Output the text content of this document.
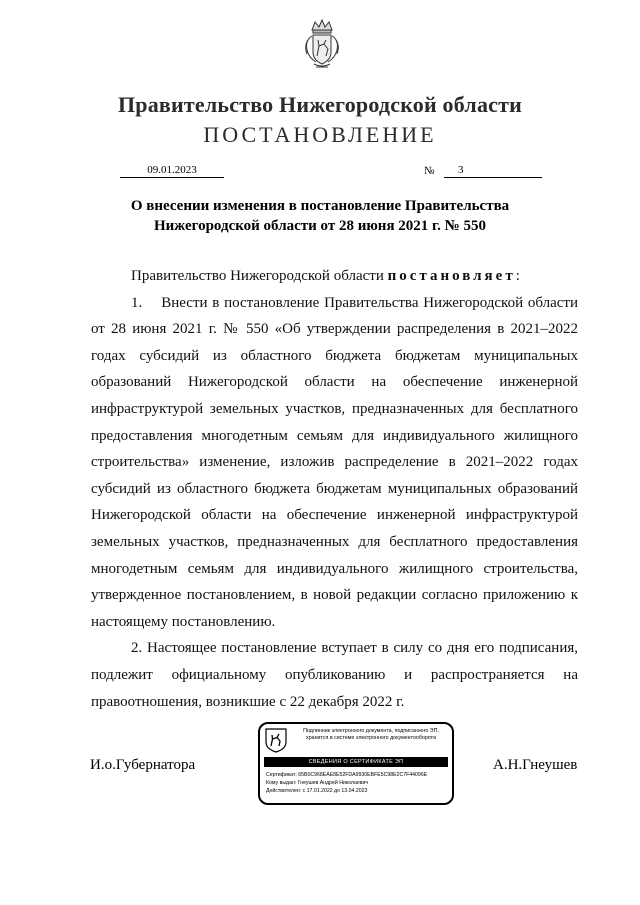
Правительство Нижегородской области
ПОСТАНОВЛЕНИЕ
09.01.2023	№	3
О внесении изменения в постановление Правительства
Нижегородской области от 28 июня 2021 г. № 550

Правительство Нижегородской области постановляет:

1.    Внести в постановление Правительства Нижегородской области от 28 июня 2021 г. № 550 «Об утверждении распределения в 2021–2022 годах субсидий из областного бюджета бюджетам муниципальных образований Нижегородской области на обеспечение инженерной инфраструктурой земельных участков, предназначенных для бесплатного предоставления многодетным семьям для индивидуального жилищного строительства» изменение, изложив распределение в 2021–2022 годах субсидий из областного бюджета бюджетам муниципальных образований Нижегородской области на обеспечение инженерной инфраструктурой земельных участков, предназначенных для бесплатного предоставления многодетным семьям для индивидуального жилищного строительства, утвержденное постановлением, в новой редакции согласно приложению к настоящему постановлению.

2. Настоящее постановление вступает в силу со дня его подписания, подлежит официальному опубликованию и распространяется на правоотношения, возникшие с 22 декабря 2022 г.

И.о.Губернатора	А.Н.Гнеушев
Подлинник электронного документа, подписанного ЭП,
хранится в системе электронного документооборота
СВЕДЕНИЯ О СЕРТИФИКАТЕ ЭП
Сертификат: 65B0C968EAE8E52FDA9930EBFE5C98E2C7F44096E
Кому выдан: Гнеушев Андрей Николаевич
Действителен: с 17.01.2022 до 13.04.2023
